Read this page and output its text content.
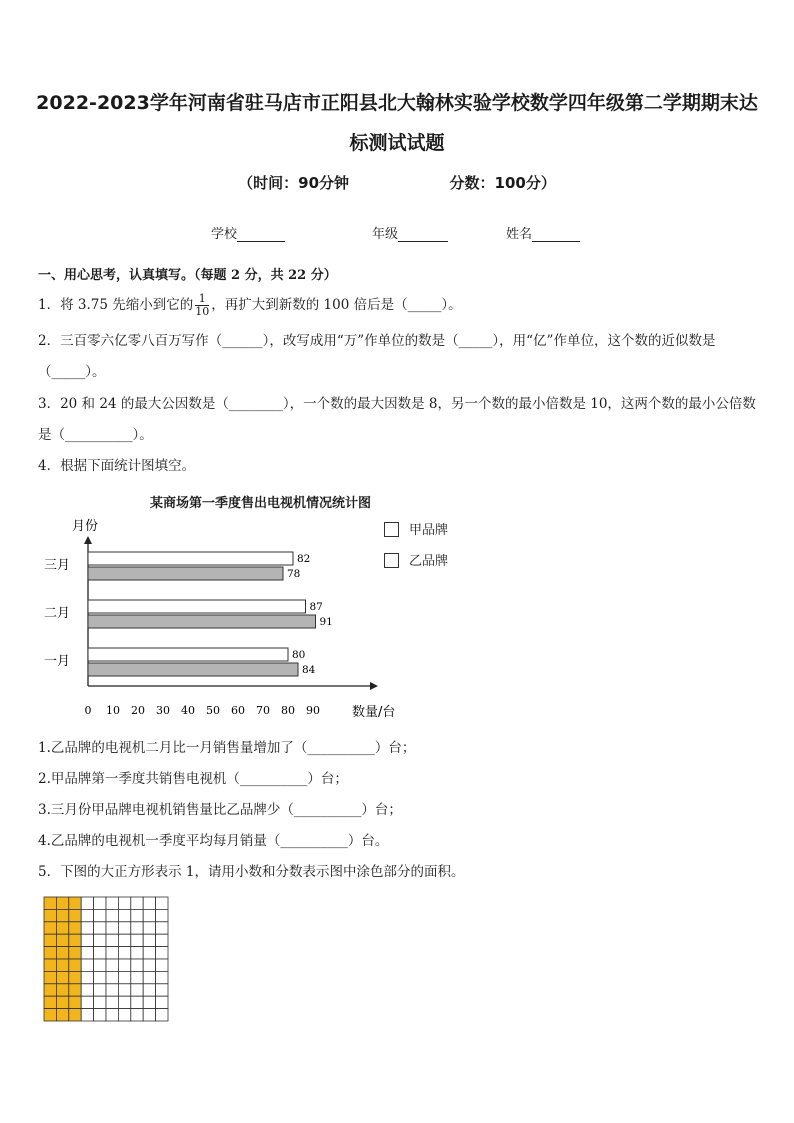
2022-2023学年河南省驻马店市正阳县北大翰林实验学校数学四年级第二学期期末达
标测试试题
（时间：90分钟	分数：100分）
学校	年级	姓名
一、用心思考，认真填写。（每题 2 分，共 22 分）
1．将 3.75 先缩小到它的 $\frac{1}{10}$ ，再扩大到新数的 100 倍后是（_____）。
2．三百零六亿零八百万写作（______），改写成用“万”作单位的数是（_____），用“亿”作单位，这个数的近似数是
（_____）。
3．20 和 24 的最大公因数是（________），一个数的最大因数是 8，另一个数的最小倍数是 10，这两个数的最小公倍数
是（__________）。
4．根据下面统计图填空。
某商场第一季度售出电视机情况统计图
月份
数量/台
0 10 20 30 40 50 60 70 80 90
三月	82
78
二月	87
91
一月	80
84
甲品牌
乙品牌
1.乙品牌的电视机二月比一月销售量增加了（__________）台；
2.甲品牌第一季度共销售电视机（__________）台；
3.三月份甲品牌电视机销售量比乙品牌少（__________）台；
4.乙品牌的电视机一季度平均每月销量（__________）台。
5．下图的大正方形表示 1，请用小数和分数表示图中涂色部分的面积。
